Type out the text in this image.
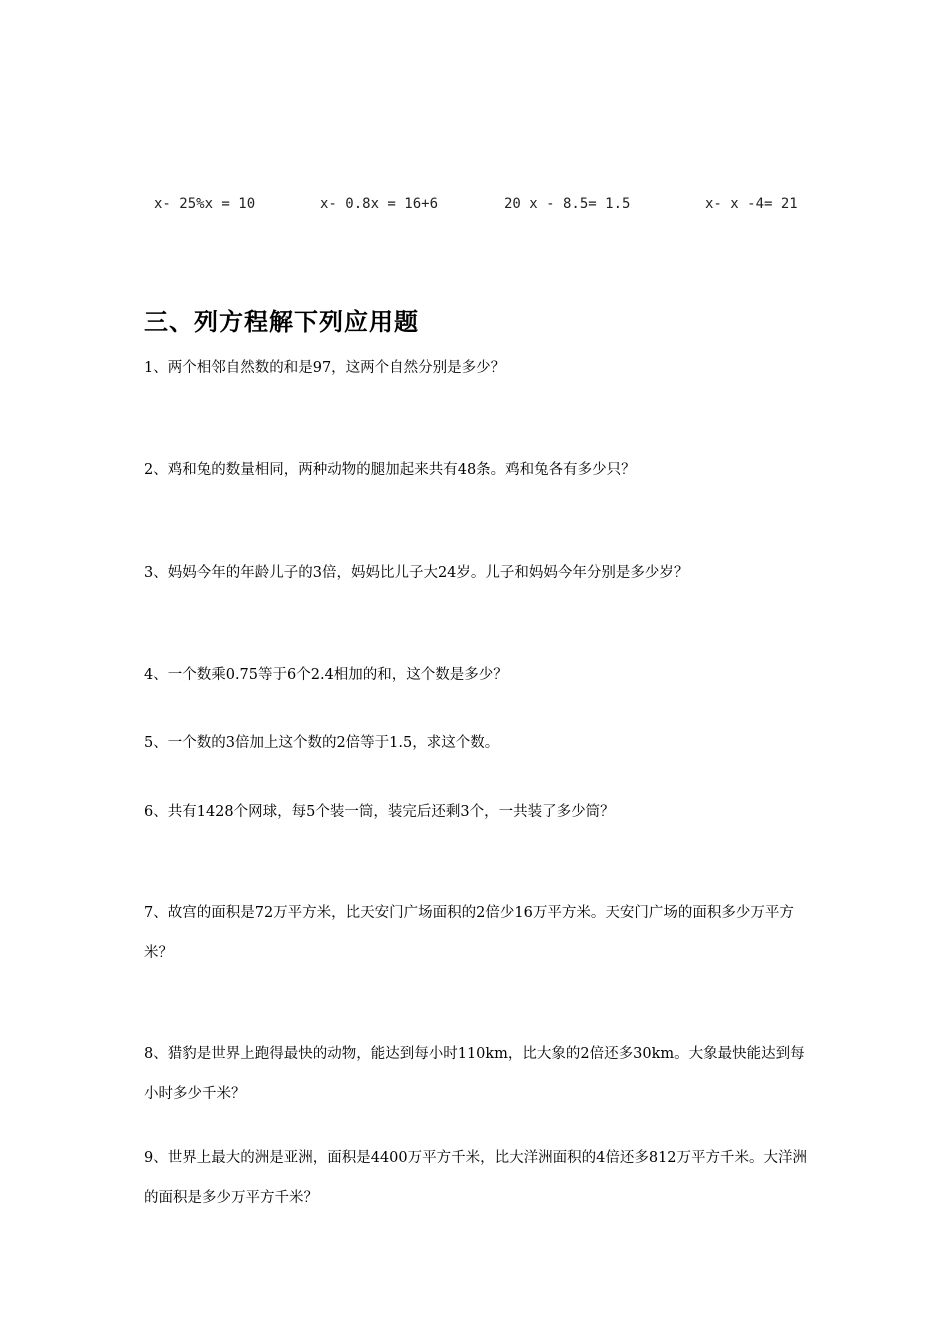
x- 25%x = 10	x- 0.8x = 16+6	20 x - 8.5= 1.5	x- x -4= 21
三、列方程解下列应用题
1、两个相邻自然数的和是97，这两个自然分别是多少？
2、鸡和兔的数量相同，两种动物的腿加起来共有48条。鸡和兔各有多少只？
3、妈妈今年的年龄儿子的3倍，妈妈比儿子大24岁。儿子和妈妈今年分别是多少岁？
4、一个数乘0.75等于6个2.4相加的和，这个数是多少？
5、一个数的3倍加上这个数的2倍等于1.5，求这个数。
6、共有1428个网球，每5个装一筒，装完后还剩3个，一共装了多少筒？
7、故宫的面积是72万平方米，比天安门广场面积的2倍少16万平方米。天安门广场的面积多少万平方米？
8、猎豹是世界上跑得最快的动物，能达到每小时110km，比大象的2倍还多30km。大象最快能达到每小时多少千米？
9、世界上最大的洲是亚洲，面积是4400万平方千米，比大洋洲面积的4倍还多812万平方千米。大洋洲的面积是多少万平方千米？
